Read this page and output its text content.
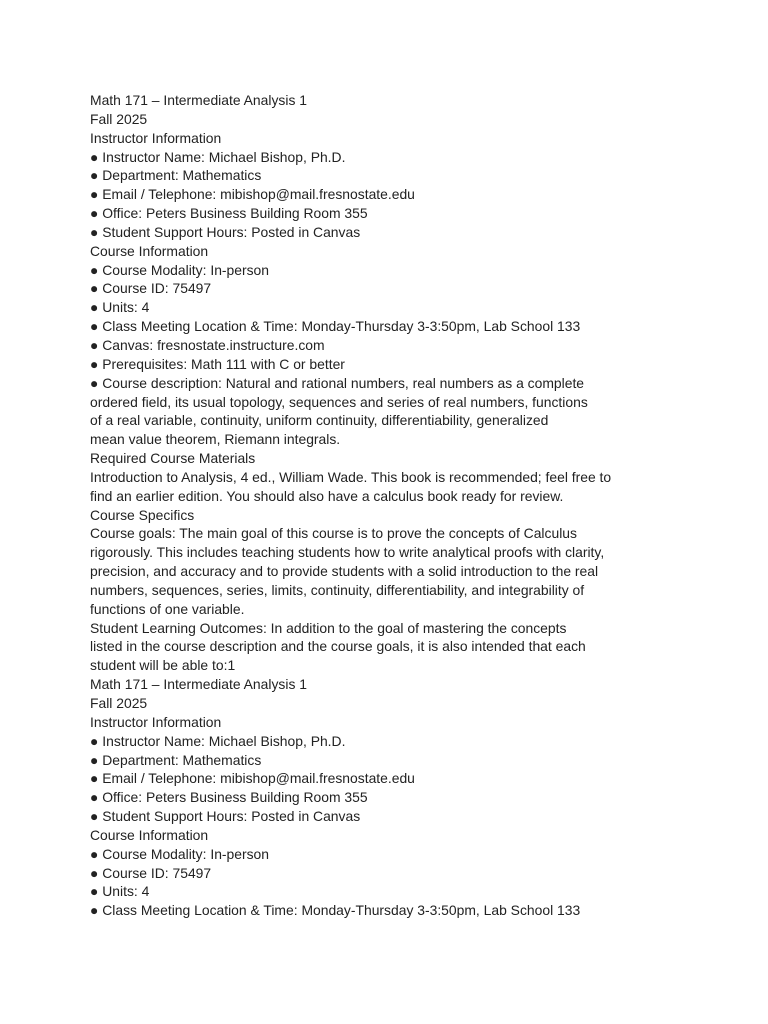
Math 171 – Intermediate Analysis 1
Fall 2025
Instructor Information
● Instructor Name: Michael Bishop, Ph.D.
● Department: Mathematics
● Email / Telephone: mibishop@mail.fresnostate.edu
● Office: Peters Business Building Room 355
● Student Support Hours: Posted in Canvas
Course Information
● Course Modality: In-person
● Course ID: 75497
● Units: 4
● Class Meeting Location & Time: Monday-Thursday 3-3:50pm, Lab School 133
● Canvas: fresnostate.instructure.com
● Prerequisites: Math 111 with C or better
● Course description: Natural and rational numbers, real numbers as a complete
ordered field, its usual topology, sequences and series of real numbers, functions
of a real variable, continuity, uniform continuity, differentiability, generalized
mean value theorem, Riemann integrals.
Required Course Materials
Introduction to Analysis, 4 ed., William Wade. This book is recommended; feel free to
find an earlier edition. You should also have a calculus book ready for review.
Course Specifics
Course goals: The main goal of this course is to prove the concepts of Calculus
rigorously. This includes teaching students how to write analytical proofs with clarity,
precision, and accuracy and to provide students with a solid introduction to the real
numbers, sequences, series, limits, continuity, differentiability, and integrability of
functions of one variable.
Student Learning Outcomes: In addition to the goal of mastering the concepts
listed in the course description and the course goals, it is also intended that each
student will be able to:1
Math 171 – Intermediate Analysis 1
Fall 2025
Instructor Information
● Instructor Name: Michael Bishop, Ph.D.
● Department: Mathematics
● Email / Telephone: mibishop@mail.fresnostate.edu
● Office: Peters Business Building Room 355
● Student Support Hours: Posted in Canvas
Course Information
● Course Modality: In-person
● Course ID: 75497
● Units: 4
● Class Meeting Location & Time: Monday-Thursday 3-3:50pm, Lab School 133
